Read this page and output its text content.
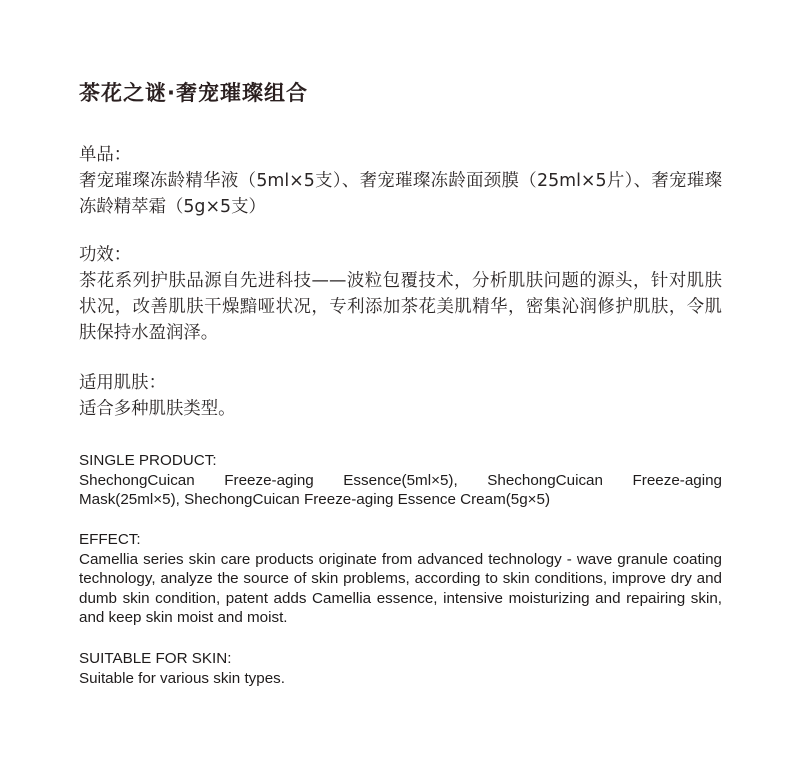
茶花之谜·奢宠璀璨组合
单品：
奢宠璀璨冻龄精华液（5ml×5支）、奢宠璀璨冻龄面颈膜（25ml×5片）、奢宠璀璨冻龄精萃霜（5g×5支）
功效：
茶花系列护肤品源自先进科技——波粒包覆技术，分析肌肤问题的源头，针对肌肤状况，改善肌肤干燥黯哑状况，专利添加茶花美肌精华，密集沁润修护肌肤，令肌肤保持水盈润泽。
适用肌肤：
适合多种肌肤类型。
SINGLE PRODUCT:
ShechongCuican Freeze-aging Essence(5ml×5), ShechongCuican Freeze-aging Mask(25ml×5), ShechongCuican Freeze-aging Essence Cream(5g×5)
EFFECT:
Camellia series skin care products originate from advanced technology - wave granule coating technology, analyze the source of skin problems, according to skin conditions, improve dry and dumb skin condition, patent adds Camellia essence, intensive moisturizing and repairing skin, and keep skin moist and moist.
SUITABLE FOR SKIN:
Suitable for various skin types.
